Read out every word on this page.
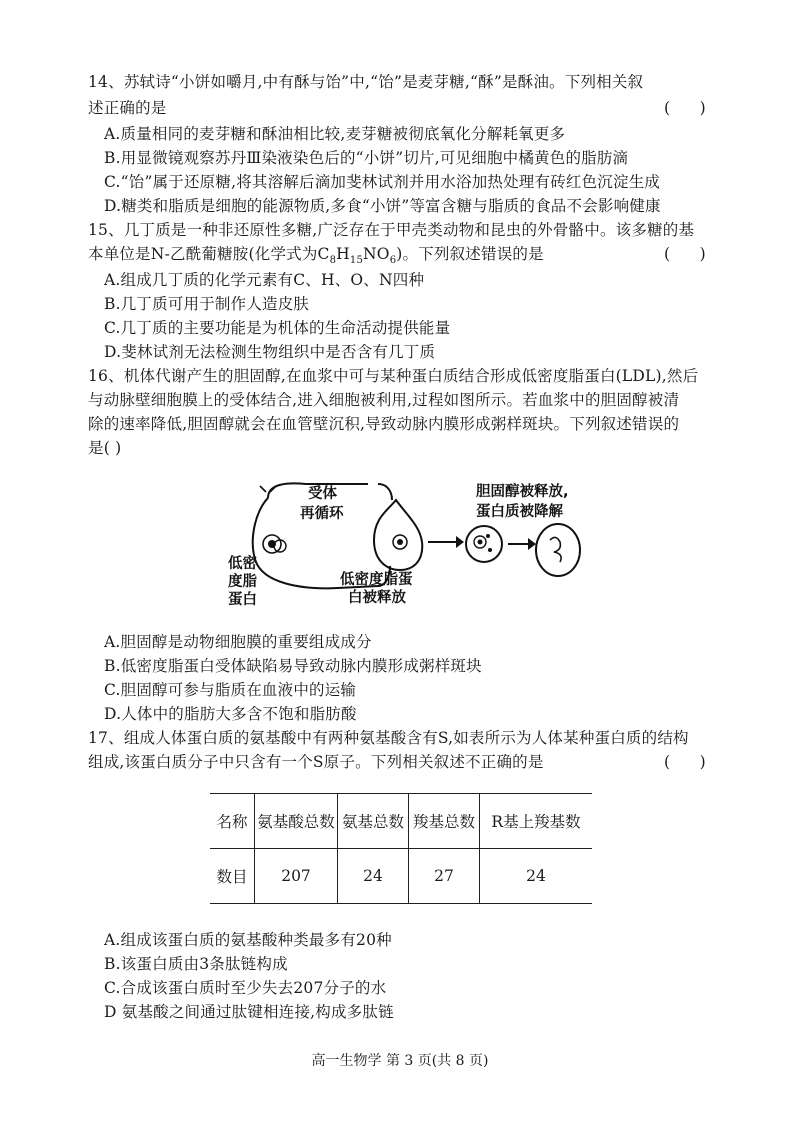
14、苏轼诗“小饼如嚼月,中有酥与饴”中,“饴”是麦芽糖,“酥”是酥油。下列相关叙
述正确的是	(      )
A.质量相同的麦芽糖和酥油相比较,麦芽糖被彻底氧化分解耗氧更多
B.用显微镜观察苏丹Ⅲ染液染色后的“小饼”切片,可见细胞中橘黄色的脂肪滴
C.“饴”属于还原糖,将其溶解后滴加斐林试剂并用水浴加热处理有砖红色沉淀生成
D.糖类和脂质是细胞的能源物质,多食“小饼”等富含糖与脂质的食品不会影响健康
15、几丁质是一种非还原性多糖,广泛存在于甲壳类动物和昆虫的外骨骼中。该多糖的基
本单位是N-乙酰葡糖胺(化学式为$C_8H_{15}NO_6$)。下列叙述错误的是	(      )
A.组成几丁质的化学元素有C、H、O、N四种
B.几丁质可用于制作人造皮肤
C.几丁质的主要功能是为机体的生命活动提供能量
D.斐林试剂无法检测生物组织中是否含有几丁质
16、机体代谢产生的胆固醇,在血浆中可与某种蛋白质结合形成低密度脂蛋白(LDL),然后
与动脉壁细胞膜上的受体结合,进入细胞被利用,过程如图所示。若血浆中的胆固醇被清
除的速率降低,胆固醇就会在血管壁沉积,导致动脉内膜形成粥样斑块。下列叙述错误的
是( )
受体
再循环
低密
度脂
蛋白
低密度脂蛋
白被释放
胆固醇被释放,
蛋白质被降解
A.胆固醇是动物细胞膜的重要组成成分
B.低密度脂蛋白受体缺陷易导致动脉内膜形成粥样斑块
C.胆固醇可参与脂质在血液中的运输
D.人体中的脂肪大多含不饱和脂肪酸
17、组成人体蛋白质的氨基酸中有两种氨基酸含有S,如表所示为人体某种蛋白质的结构
组成,该蛋白质分子中只含有一个S原子。下列相关叙述不正确的是	(      )
名称	氨基酸总数	氨基总数	羧基总数	R基上羧基数
数目	207	24	27	24
A.组成该蛋白质的氨基酸种类最多有20种
B.该蛋白质由3条肽链构成
C.合成该蛋白质时至少失去207分子的水
D 氨基酸之间通过肽键相连接,构成多肽链
高一生物学 第 3 页(共 8 页)
